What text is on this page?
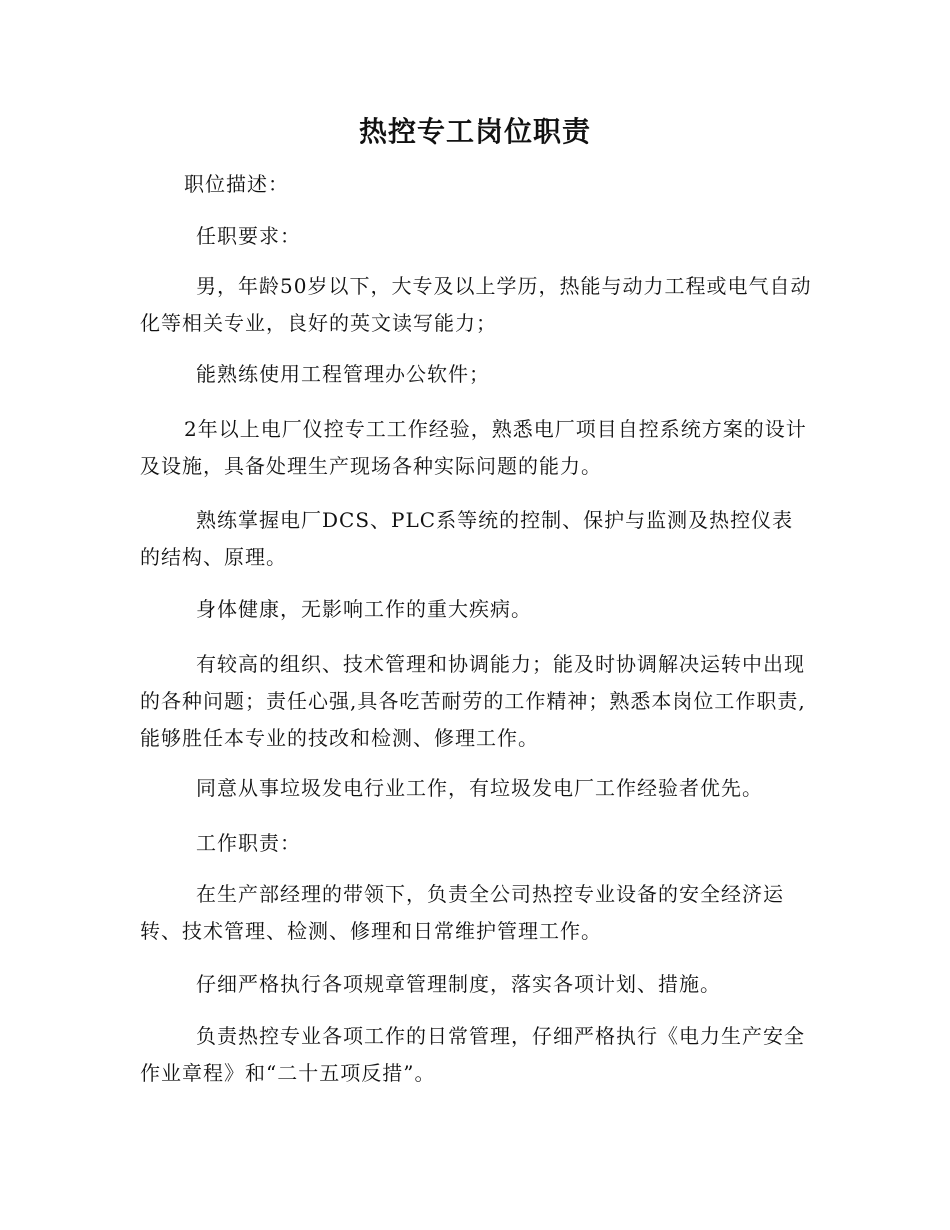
热控专工岗位职责
职位描述：
任职要求：
男，年龄50岁以下，大专及以上学历，热能与动力工程或电气自动化等相关专业，良好的英文读写能力；
能熟练使用工程管理办公软件；
2年以上电厂仪控专工工作经验，熟悉电厂项目自控系统方案的设计及设施，具备处理生产现场各种实际问题的能力。
熟练掌握电厂DCS、PLC系等统的控制、保护与监测及热控仪表的结构、原理。
身体健康，无影响工作的重大疾病。
有较高的组织、技术管理和协调能力；能及时协调解决运转中出现的各种问题；责任心强,具各吃苦耐劳的工作精神；熟悉本岗位工作职责,能够胜任本专业的技改和检测、修理工作。
同意从事垃圾发电行业工作，有垃圾发电厂工作经验者优先。
工作职责：
在生产部经理的带领下，负责全公司热控专业设备的安全经济运转、技术管理、检测、修理和日常维护管理工作。
仔细严格执行各项规章管理制度，落实各项计划、措施。
负责热控专业各项工作的日常管理，仔细严格执行《电力生产安全作业章程》和“二十五项反措”。
